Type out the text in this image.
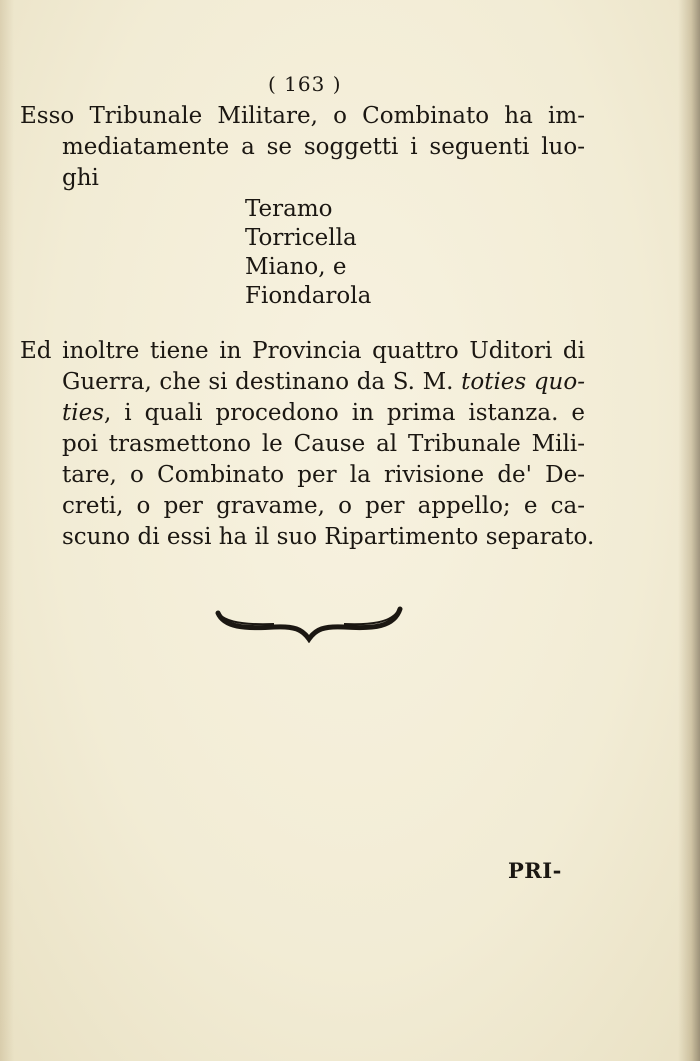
( 163 )

Esso Tribunale Militare, o Combinato ha im-
mediatamente a se soggetti i seguenti luo-
ghi

Teramo
Torricella
Miano, e
Fiondarola

Ed inoltre tiene in Provincia quattro Uditori di
Guerra, che si destinano da S. M. toties quo-
ties, i quali procedono in prima istanza. e
poi trasmettono le Cause al Tribunale Mili-
tare, o Combinato per la rivisione de' De-
creti, o per gravame, o per appello; e ca-
scuno di essi ha il suo Ripartimento separato.

PRI-
